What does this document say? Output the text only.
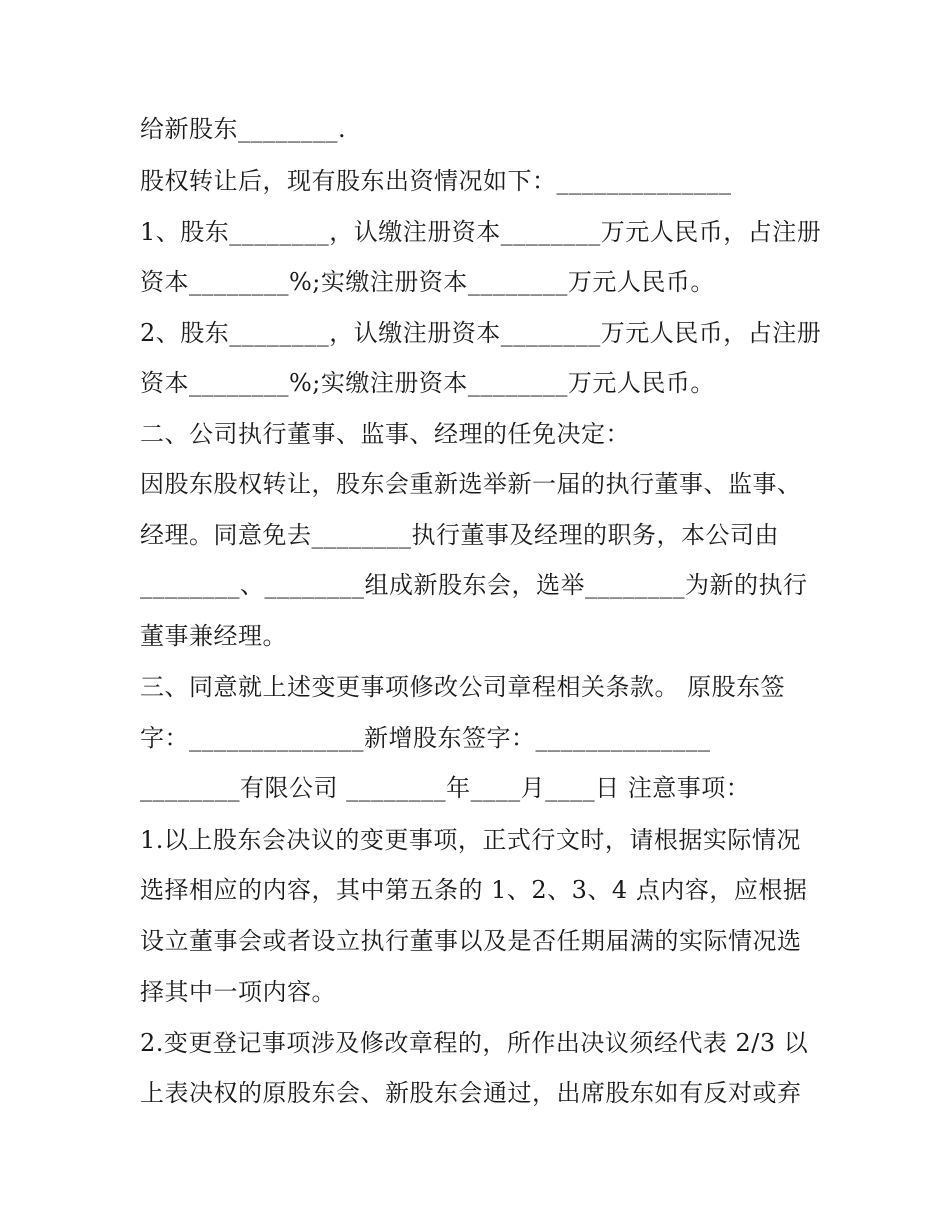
给新股东________.
股权转让后，现有股东出资情况如下：______________
1、股东________，认缴注册资本________万元人民币，占注册
资本________%;实缴注册资本________万元人民币。
2、股东________，认缴注册资本________万元人民币，占注册
资本________%;实缴注册资本________万元人民币。
二、公司执行董事、监事、经理的任免决定：
因股东股权转让，股东会重新选举新一届的执行董事、监事、
经理。同意免去________执行董事及经理的职务，本公司由
________、________组成新股东会，选举________为新的执行
董事兼经理。
三、同意就上述变更事项修改公司章程相关条款。 原股东签
字：______________新增股东签字：______________
________有限公司 ________年____月____日 注意事项：
1.以上股东会决议的变更事项，正式行文时，请根据实际情况
选择相应的内容，其中第五条的 1、2、3、4 点内容，应根据
设立董事会或者设立执行董事以及是否任期届满的实际情况选
择其中一项内容。
2.变更登记事项涉及修改章程的，所作出决议须经代表 2/3 以
上表决权的原股东会、新股东会通过，出席股东如有反对或弃
